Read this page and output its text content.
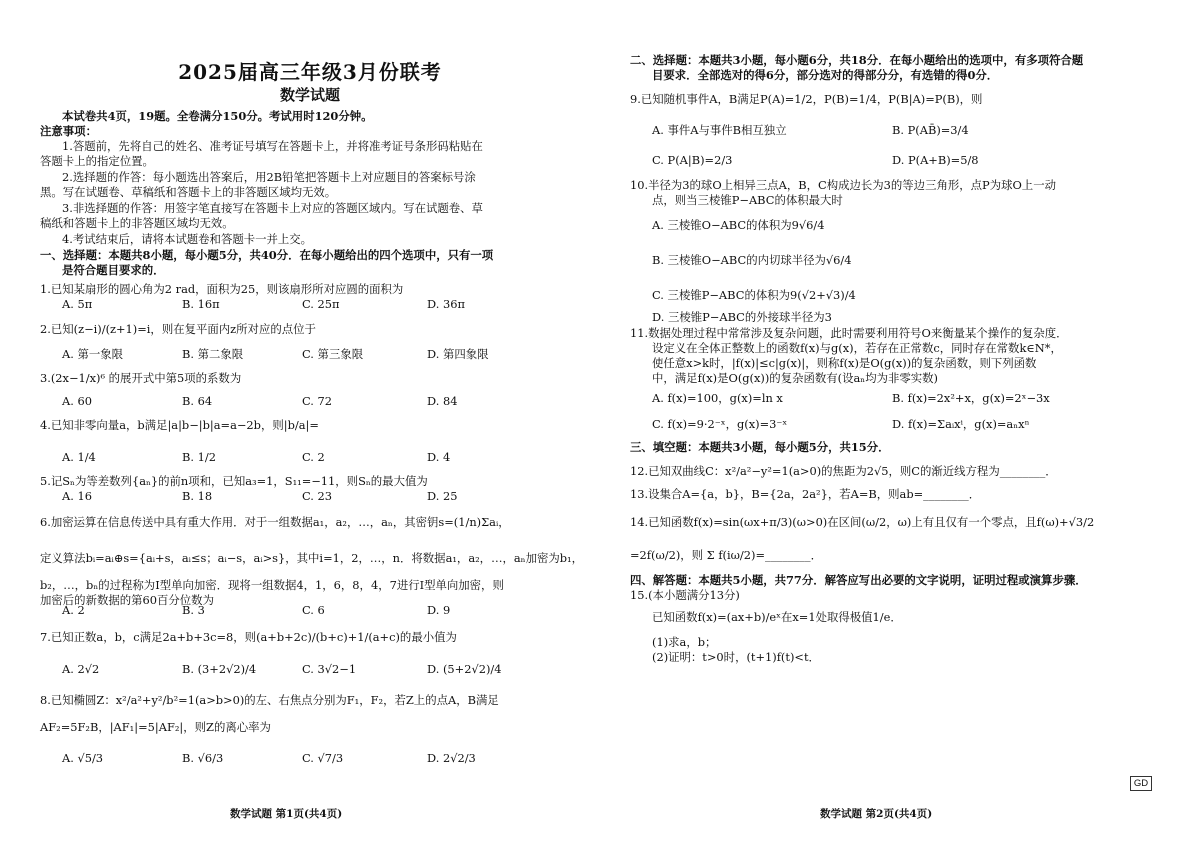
2025届高三年级3月份联考
数学试题
本试卷共4页，19题。全卷满分150分。考试用时120分钟。
注意事项：
1.答题前，先将自己的姓名、准考证号填写在答题卡上，并将准考证号条形码粘贴在
答题卡上的指定位置。
2.选择题的作答：每小题选出答案后，用2B铅笔把答题卡上对应题目的答案标号涂
黑。写在试题卷、草稿纸和答题卡上的非答题区域均无效。
3.非选择题的作答：用签字笔直接写在答题卡上对应的答题区域内。写在试题卷、草
稿纸和答题卡上的非答题区域均无效。
4.考试结束后，请将本试题卷和答题卡一并上交。
一、选择题：本题共8小题，每小题5分，共40分．在每小题给出的四个选项中，只有一项
是符合题目要求的．
1.已知某扇形的圆心角为2 rad，面积为25，则该扇形所对应圆的面积为
2.已知(z−i)/(z+1)=i，则在复平面内z所对应的点位于
3.(2x−1/x)⁶ 的展开式中第5项的系数为
4.已知非零向量a，b满足|a|b−|b|a=a−2b，则|b/a|=
5.记Sₙ为等差数列{aₙ}的前n项和，已知a₃=1，S₁₁=−11，则Sₙ的最大值为
6.加密运算在信息传送中具有重大作用．对于一组数据a₁，a₂，…，aₙ，其密钥s=(1/n)Σaᵢ，
定义算法bᵢ=aᵢ⊕s={aᵢ+s，aᵢ≤s；aᵢ−s，aᵢ>s}，其中i=1，2，…，n．将数据a₁，a₂，…，aₙ加密为b₁，
b₂，…，bₙ的过程称为I型单向加密．现将一组数据4，1，6，8，4，7进行I型单向加密，则
加密后的新数据的第60百分位数为
7.已知正数a，b，c满足2a+b+3c=8，则(a+b+2c)/(b+c)+1/(a+c)的最小值为
8.已知椭圆Z：x²/a²+y²/b²=1(a>b>0)的左、右焦点分别为F₁，F₂，若Z上的点A，B满足
AF₂=5F₂B，|AF₁|=5|AF₂|，则Z的离心率为
A. 5π	B. 16π	C. 25π	D. 36π
A. 第一象限	B. 第二象限	C. 第三象限	D. 第四象限
A. 60	B. 64	C. 72	D. 84
A. 1/4	B. 1/2	C. 2	D. 4
A. 16	B. 18	C. 23	D. 25
A. 2	B. 3	C. 6	D. 9
A. 2√2	B. (3+2√2)/4	C. 3√2−1	D. (5+2√2)/4
A. √5/3	B. √6/3	C. √7/3	D. 2√2/3
数学试题 第1页(共4页)
二、选择题：本题共3小题，每小题6分，共18分．在每小题给出的选项中，有多项符合题
目要求．全部选对的得6分，部分选对的得部分分，有选错的得0分．
9.已知随机事件A，B满足P(A)=1/2，P(B)=1/4，P(B|A)=P(B)，则
10.半径为3的球O上相异三点A，B，C构成边长为3的等边三角形，点P为球O上一动
点，则当三棱锥P−ABC的体积最大时
A. 三棱锥O−ABC的体积为9√6/4
B. 三棱锥O−ABC的内切球半径为√6/4
C. 三棱锥P−ABC的体积为9(√2+√3)/4
D. 三棱锥P−ABC的外接球半径为3
11.数据处理过程中常常涉及复杂问题，此时需要利用符号O来衡量某个操作的复杂度．
设定义在全体正整数上的函数f(x)与g(x)，若存在正常数c，同时存在常数k∈N*，
使任意x>k时，|f(x)|≤c|g(x)|，则称f(x)是O(g(x))的复杂函数，则下列函数
中，满足f(x)是O(g(x))的复杂函数有(设aₙ均为非零实数)
三、填空题：本题共3小题，每小题5分，共15分．
12.已知双曲线C：x²/a²−y²=1(a>0)的焦距为2√5，则C的渐近线方程为________．
13.设集合A={a，b}，B={2a，2a²}，若A=B，则ab=________．
14.已知函数f(x)=sin(ωx+π/3)(ω>0)在区间(ω/2，ω)上有且仅有一个零点，且f(ω)+√3/2
=2f(ω/2)，则 Σ f(iω/2)=________．
四、解答题：本题共5小题，共77分．解答应写出必要的文字说明，证明过程或演算步骤．
15.(本小题满分13分)
已知函数f(x)=(ax+b)/eˣ在x=1处取得极值1/e．
(1)求a，b；
(2)证明：t>0时，(t+1)f(t)<t．
A. 事件A与事件B相互独立	B. P(AB̄)=3/4
C. P(A|B)=2/3	D. P(A+B)=5/8
A. f(x)=100，g(x)=ln x	B. f(x)=2x²+x，g(x)=2ˣ−3x
C. f(x)=9·2⁻ˣ，g(x)=3⁻ˣ	D. f(x)=Σaᵢxⁱ，g(x)=aₙxⁿ
数学试题 第2页(共4页)
GD
